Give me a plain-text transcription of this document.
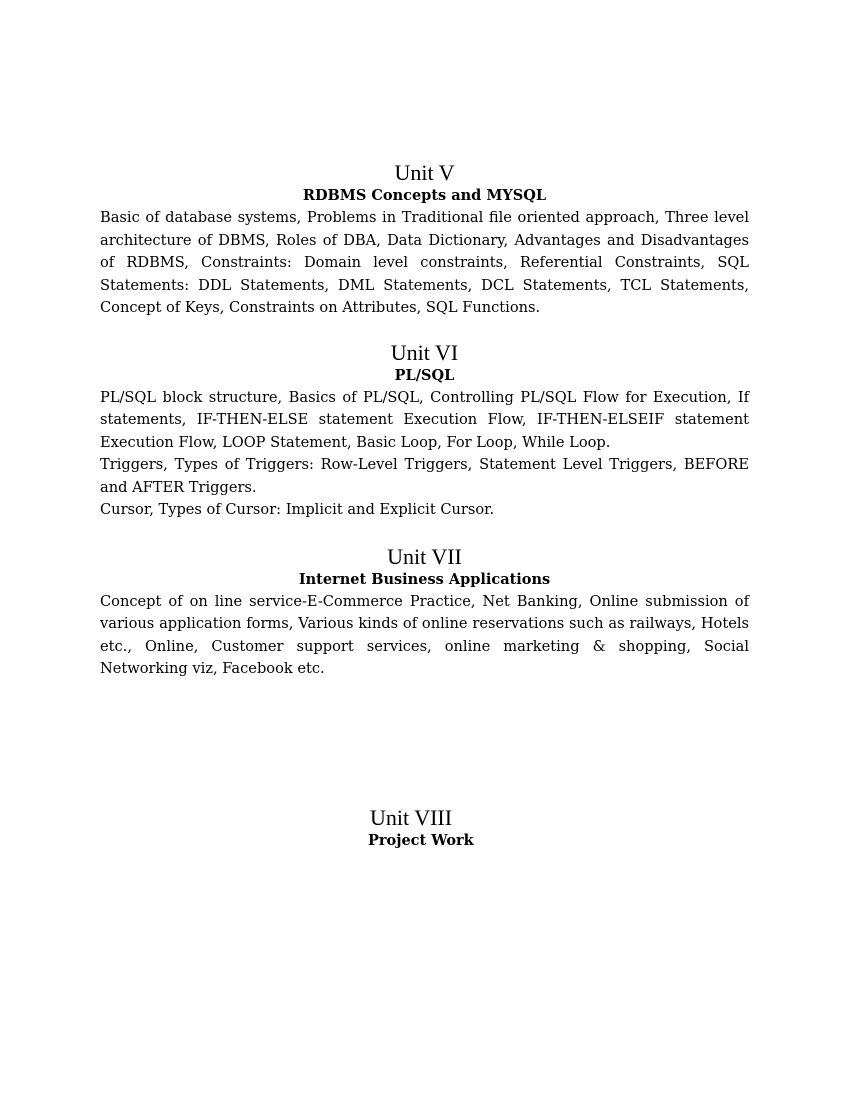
Unit V
RDBMS Concepts and MYSQL

Basic of database systems, Problems in Traditional file oriented approach, Three level architecture of DBMS, Roles of DBA, Data Dictionary, Advantages and Disadvantages of RDBMS, Constraints: Domain level constraints, Referential Constraints, SQL Statements: DDL Statements, DML Statements, DCL Statements, TCL Statements, Concept of Keys, Constraints on Attributes, SQL Functions.

Unit VI
PL/SQL

PL/SQL block structure, Basics of PL/SQL, Controlling PL/SQL Flow for Execution, If statements, IF-THEN-ELSE statement Execution Flow, IF-THEN-ELSEIF statement Execution Flow, LOOP Statement, Basic Loop, For Loop, While Loop.

Triggers, Types of Triggers: Row-Level Triggers, Statement Level Triggers, BEFORE and AFTER Triggers.

Cursor, Types of Cursor: Implicit and Explicit Cursor.

Unit VII
Internet Business Applications

Concept of on line service-E-Commerce Practice, Net Banking, Online submission of various application forms, Various kinds of online reservations such as railways, Hotels etc., Online, Customer support services, online marketing & shopping, Social Networking viz, Facebook etc.

Unit VIII
Project Work
